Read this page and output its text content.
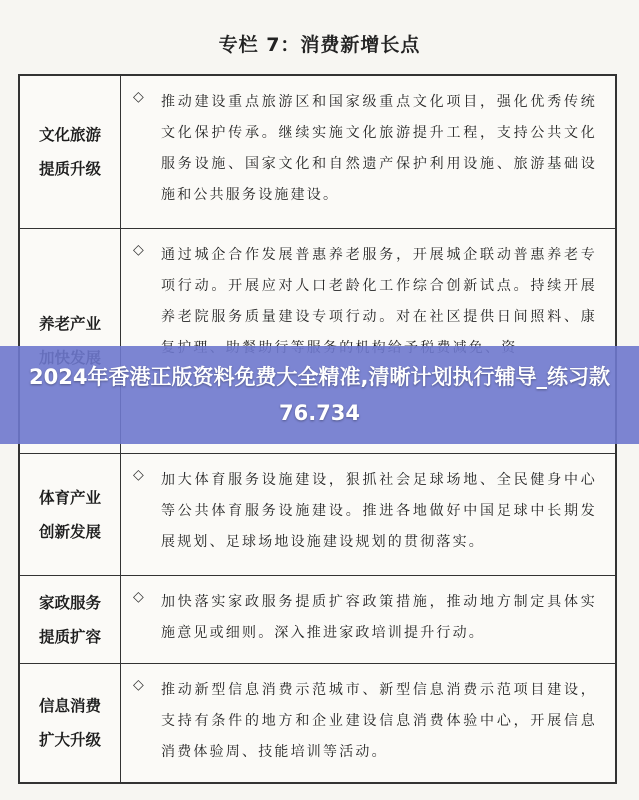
专栏 7：消费新增长点
文化旅游
提质升级
◇ 推动建设重点旅游区和国家级重点文化项目，强化优秀传统文化保护传承。继续实施文化旅游提升工程，支持公共文化服务设施、国家文化和自然遗产保护利用设施、旅游基础设施和公共服务设施建设。
养老产业
◇ 通过城企合作发展普惠养老服务，开展城企联动普惠养老专项行动。开展应对人口老龄化工作综合创新试点。持续开展养老院服务质量建设专项行动。对在社区提供日间照料、康
体育产业
创新发展
◇ 加大体育服务设施建设，狠抓社会足球场地、全民健身中心等公共体育服务设施建设。推进各地做好中国足球中长期发展规划、足球场地设施建设规划的贯彻落实。
家政服务
提质扩容
◇ 加快落实家政服务提质扩容政策措施，推动地方制定具体实施意见或细则。深入推进家政培训提升行动。
信息消费
扩大升级
◇ 推动新型信息消费示范城市、新型信息消费示范项目建设，支持有条件的地方和企业建设信息消费体验中心，开展信息消费体验周、技能培训等活动。
2024年香港正版资料免费大全精准,清晰计划执行辅导_练习款76.734
